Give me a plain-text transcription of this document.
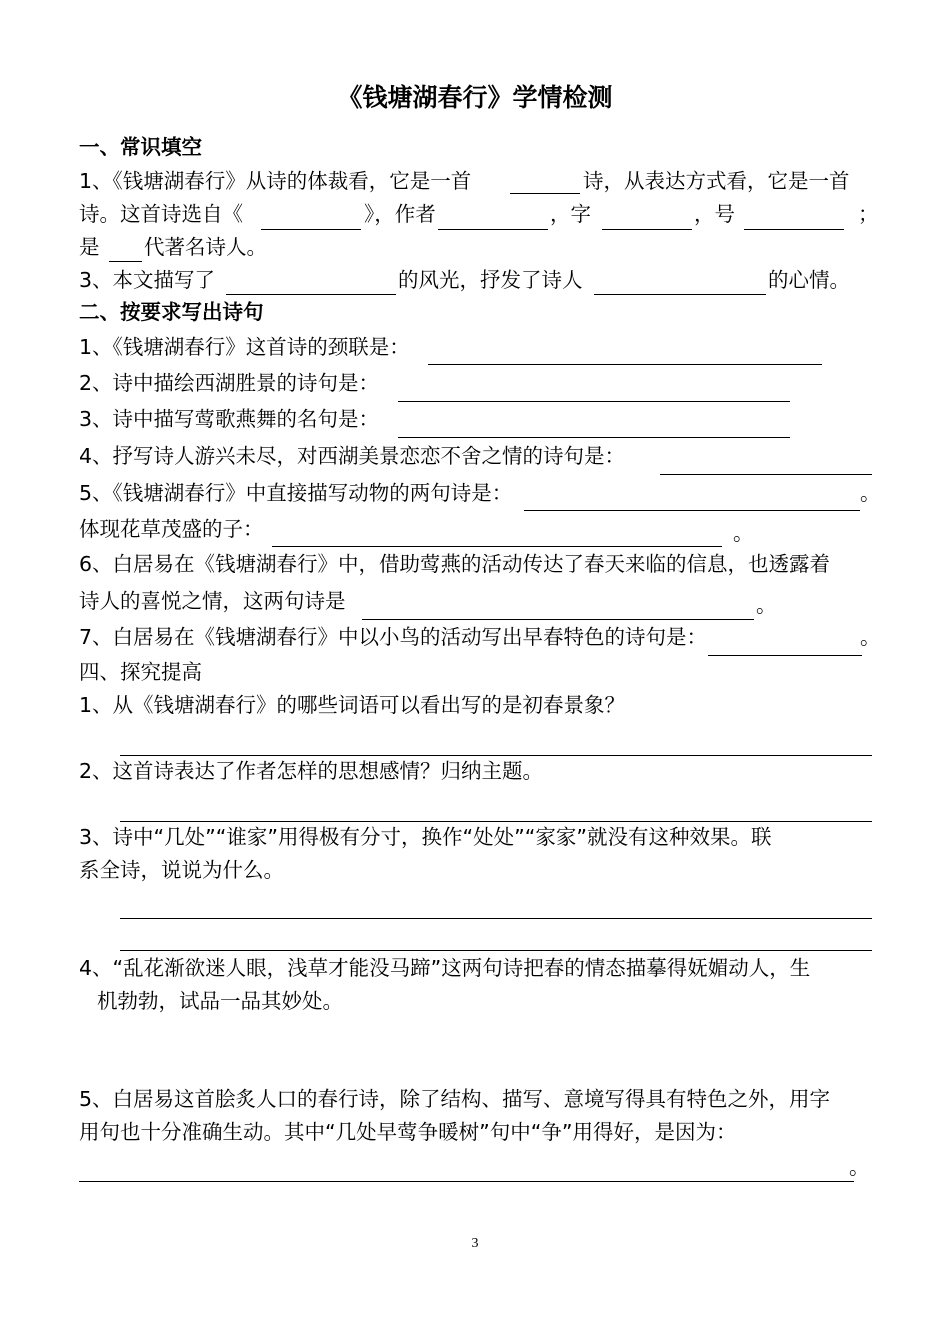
《钱塘湖春行》学情检测
一、常识填空
1、《钱塘湖春行》从诗的体裁看，它是一首	诗，从表达方式看，它是一首
诗。这首诗选自《	》，作者	，字	，号	；
是 代著名诗人。
3、本文描写了	的风光，抒发了诗人	的心情。
二、按要求写出诗句
1、《钱塘湖春行》这首诗的颈联是：
2、诗中描绘西湖胜景的诗句是：
3、诗中描写莺歌燕舞的名句是：
4、抒写诗人游兴未尽，对西湖美景恋恋不舍之情的诗句是：
5、《钱塘湖春行》中直接描写动物的两句诗是：	。
体现花草茂盛的子：	。
6、白居易在《钱塘湖春行》中，借助莺燕的活动传达了春天来临的信息，也透露着
诗人的喜悦之情，这两句诗是	。
7、白居易在《钱塘湖春行》中以小鸟的活动写出早春特色的诗句是：	。
四、探究提高
1、从《钱塘湖春行》的哪些词语可以看出写的是初春景象？
2、这首诗表达了作者怎样的思想感情？归纳主题。
3、诗中“几处”“谁家”用得极有分寸，换作“处处”“家家”就没有这种效果。联
系全诗，说说为什么。
4、“乱花渐欲迷人眼，浅草才能没马蹄”这两句诗把春的情态描摹得妩媚动人，生
机勃勃，试品一品其妙处。
5、白居易这首脍炙人口的春行诗，除了结构、描写、意境写得具有特色之外，用字
用句也十分准确生动。其中“几处早莺争暖树”句中“争”用得好，是因为：
。
3
